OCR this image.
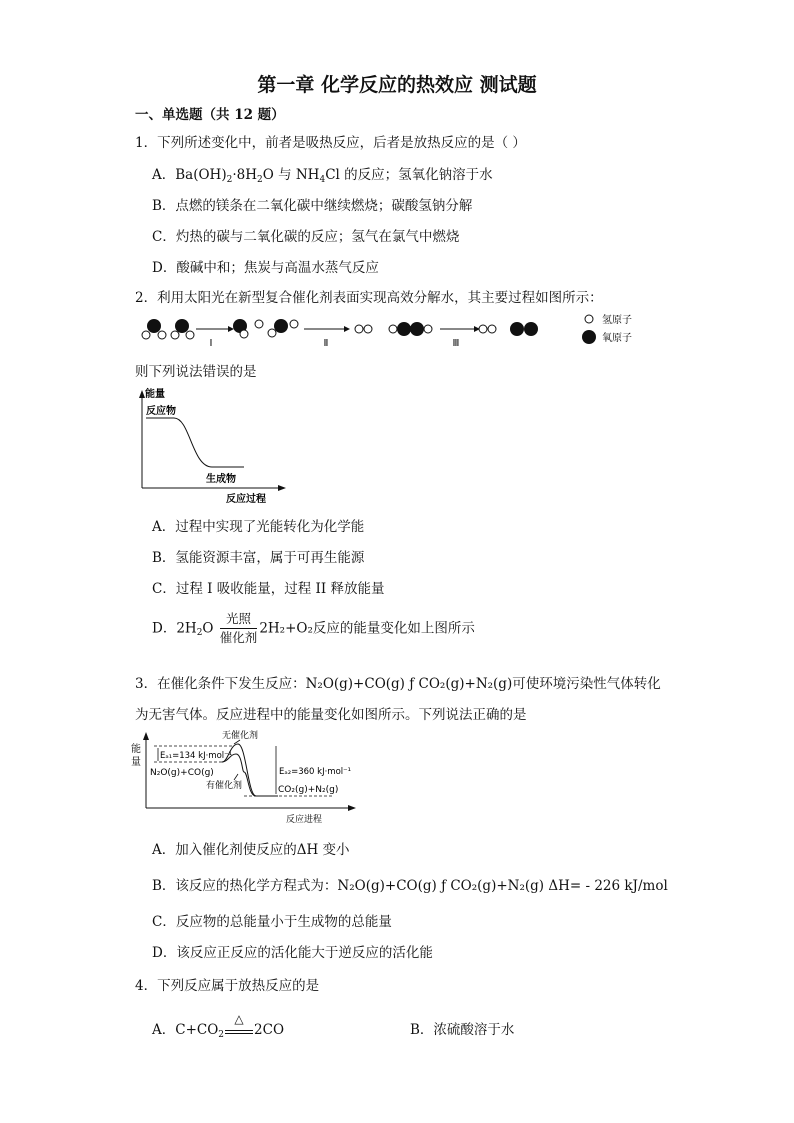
第一章 化学反应的热效应 测试题
一、单选题（共 12 题）
1．下列所述变化中，前者是吸热反应，后者是放热反应的是（ ）
A．$Ba(OH)_2\cdot 8H_2O$ 与 $NH_4Cl$ 的反应；氢氧化钠溶于水
B．点燃的镁条在二氧化碳中继续燃烧；碳酸氢钠分解
C．灼热的碳与二氧化碳的反应；氢气在氯气中燃烧
D．酸碱中和；焦炭与高温水蒸气反应
2．利用太阳光在新型复合催化剂表面实现高效分解水，其主要过程如图所示：
I	Ⅱ	Ⅲ
氢原子
氧原子
则下列说法错误的是
能量
反应物
生成物
反应过程
A．过程中实现了光能转化为化学能
B．氢能资源丰富，属于可再生能源
C．过程 I 吸收能量，过程 II 释放能量
D．$2H_2O \frac{\text{光照}}{\text{催化剂}} 2H_2+O_2$反应的能量变化如上图所示
3．在催化条件下发生反应：N₂O(g)+CO(g) ƒ CO₂(g)+N₂(g)可使环境污染性气体转化
为无害气体。反应进程中的能量变化如图所示。下列说法正确的是
能
量
Eₐ₁=134 kJ·mol⁻¹
N₂O(g)+CO(g)
无催化剂
有催化剂
Eₐ₂=360 kJ·mol⁻¹
CO₂(g)+N₂(g)
反应进程
A．加入催化剂使反应的ΔH 变小
B．该反应的热化学方程式为：N₂O(g)+CO(g) ƒ CO₂(g)+N₂(g) ΔH= - 226 kJ/mol
C．反应物的总能量小于生成物的总能量
D．该反应正反应的活化能大于逆反应的活化能
4．下列反应属于放热反应的是
A．$C+CO_2$
△
2CO	B．浓硫酸溶于水
